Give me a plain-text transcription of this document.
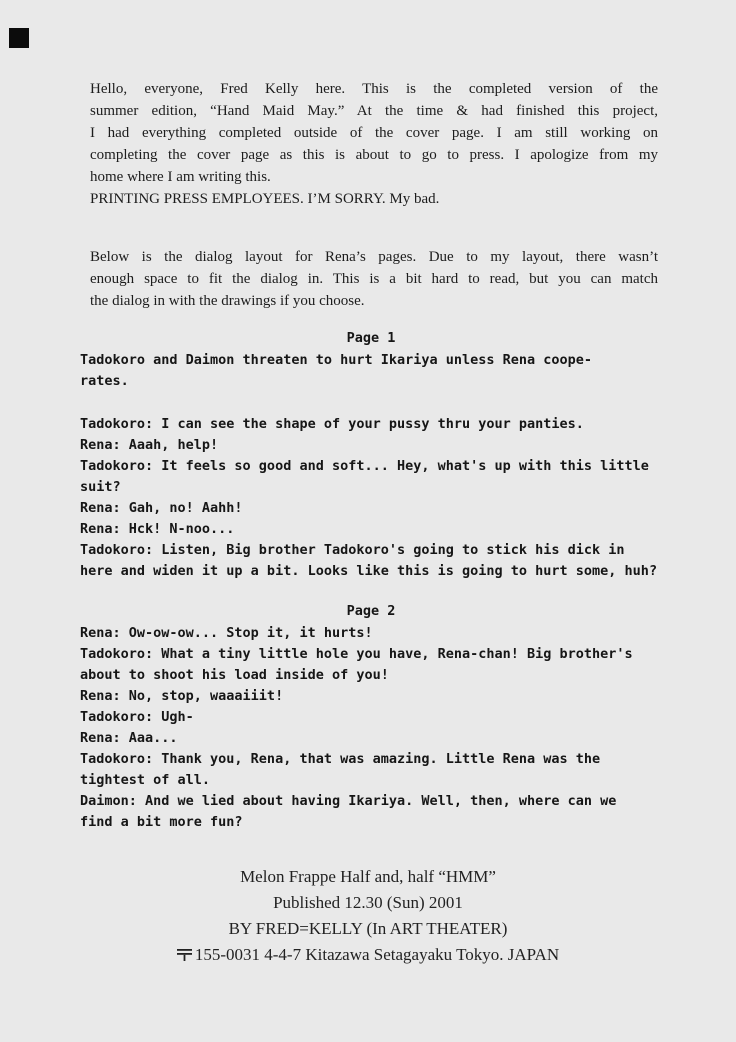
Hello, everyone, Fred Kelly here. This is the completed version of the
summer edition, “Hand Maid May.” At the time & had finished this project,
I had everything completed outside of the cover page. I am still working on
completing the cover page as this is about to go to press. I apologize from my
home where I am writing this.
PRINTING PRESS EMPLOYEES. I’M SORRY. My bad.
Below is the dialog layout for Rena’s pages. Due to my layout, there wasn’t
enough space to fit the dialog in. This is a bit hard to read, but you can match
the dialog in with the drawings if you choose.
Page 1
Tadokoro and Daimon threaten to hurt Ikariya unless Rena coope-
rates.
Tadokoro: I can see the shape of your pussy thru your panties.
Rena: Aaah, help!
Tadokoro: It feels so good and soft... Hey, what's up with this little
suit?
Rena: Gah, no! Aahh!
Rena: Hck! N-noo...
Tadokoro: Listen, Big brother Tadokoro's going to stick his dick in
here and widen it up a bit. Looks like this is going to hurt some, huh?
Page 2
Rena: Ow-ow-ow... Stop it, it hurts!
Tadokoro: What a tiny little hole you have, Rena-chan! Big brother's
about to shoot his load inside of you!
Rena: No, stop, waaaiiit!
Tadokoro: Ugh-
Rena: Aaa...
Tadokoro: Thank you, Rena, that was amazing. Little Rena was the
tightest of all.
Daimon: And we lied about having Ikariya. Well, then, where can we
find a bit more fun?
Melon Frappe Half and, half “HMM”
Published 12.30 (Sun) 2001
BY FRED=KELLY (In ART THEATER)
155-0031 4-4-7 Kitazawa Setagayaku Tokyo. JAPAN
